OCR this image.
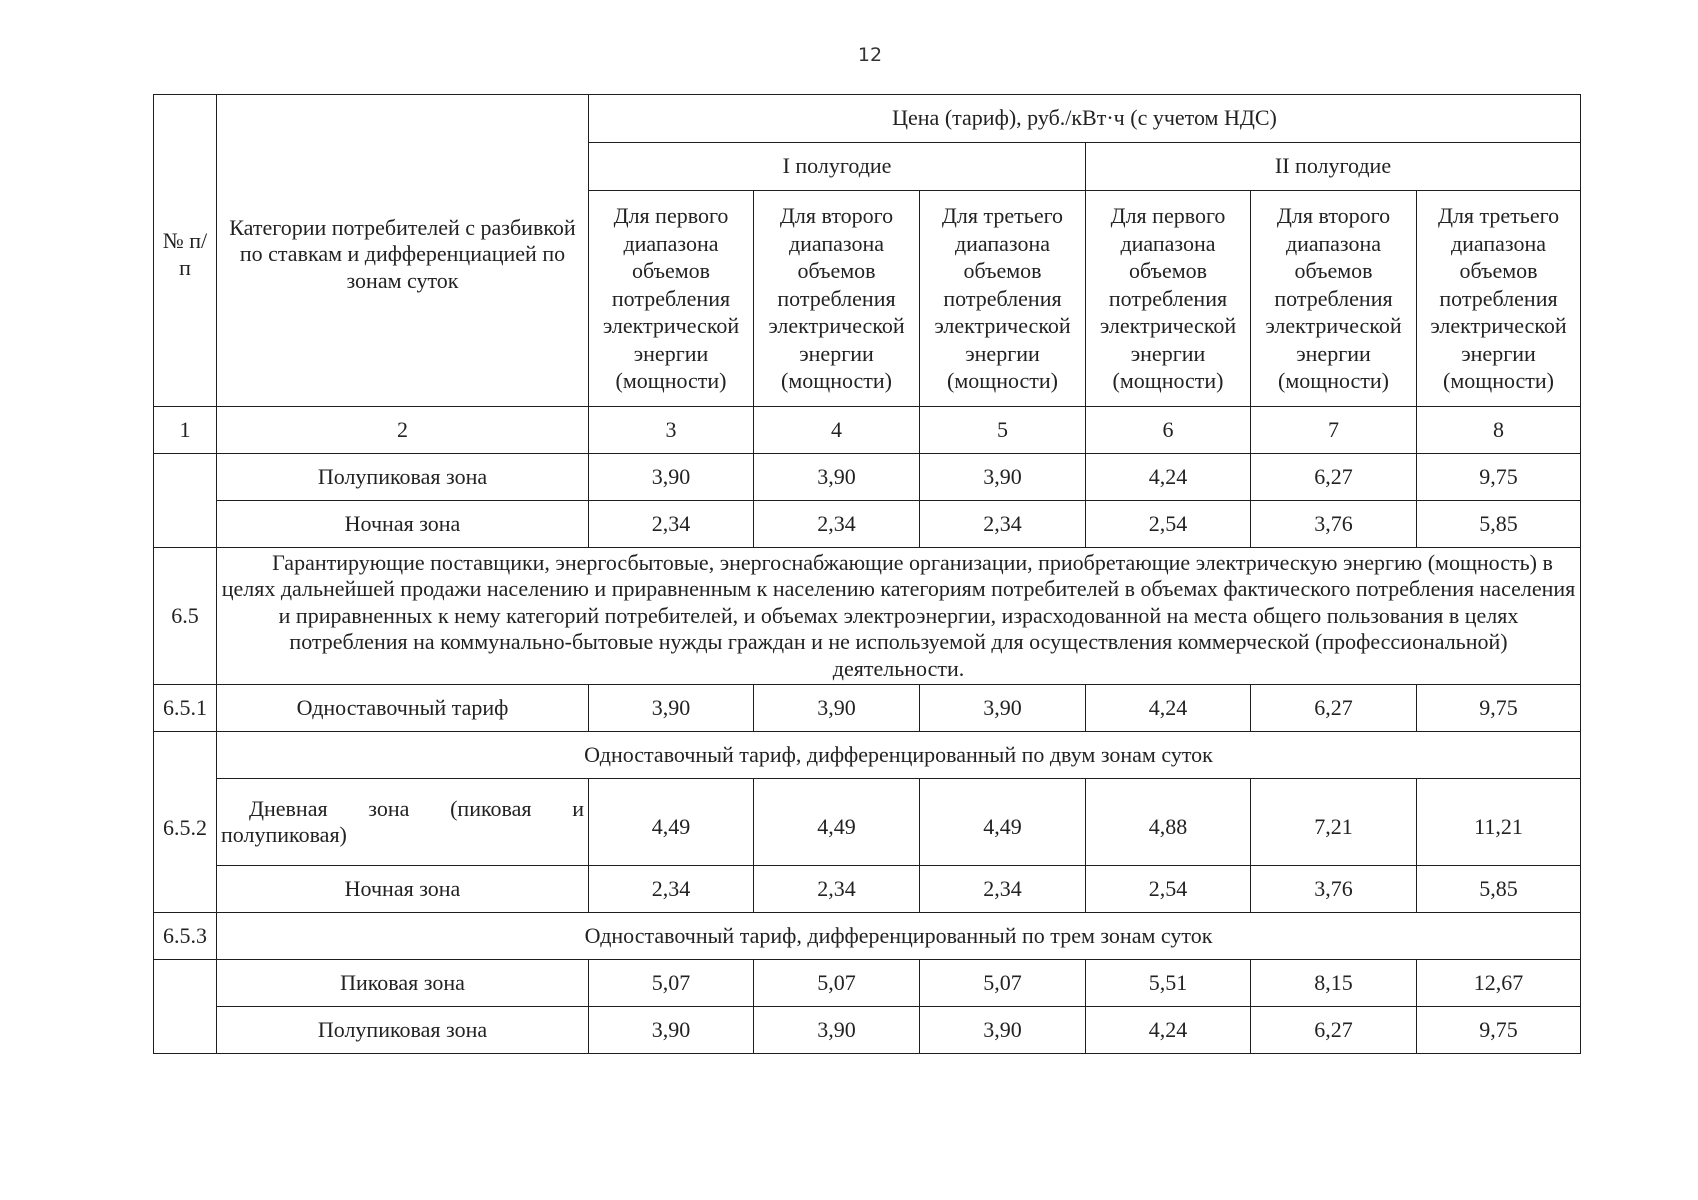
12
№ п/п	Категории потребителей с разбивкой по ставкам и дифференциацией по зонам суток	Цена (тариф), руб./кВт·ч (с учетом НДС)					
		I полугодие			II полугодие		
		Для первого диапазона объемов потребления электрической энергии (мощности)	Для второго диапазона объемов потребления электрической энергии (мощности)	Для третьего диапазона объемов потребления электрической энергии (мощности)	Для первого диапазона объемов потребления электрической энергии (мощности)	Для второго диапазона объемов потребления электрической энергии (мощности)	Для третьего диапазона объемов потребления электрической энергии (мощности)
1	2	3	4	5	6	7	8
	Полупиковая зона	3,90	3,90	3,90	4,24	6,27	9,75
	Ночная зона	2,34	2,34	2,34	2,54	3,76	5,85
6.5	Гарантирующие поставщики, энергосбытовые, энергоснабжающие организации, приобретающие электрическую энергию (мощность) в целях дальнейшей продажи населению и приравненным к населению категориям потребителей в объемах фактического потребления населения и приравненных к нему категорий потребителей, и объемах электроэнергии, израсходованной на места общего пользования в целях потребления на коммунально-бытовые нужды граждан и не используемой для осуществления коммерческой (профессиональной) деятельности.						
6.5.1	Одноставочный тариф	3,90	3,90	3,90	4,24	6,27	9,75
6.5.2	Одноставочный тариф, дифференцированный по двум зонам суток						

	Дневная зона (пиковая и
полупиковая)	4,49	4,49	4,49	4,88	7,21	11,21
	Ночная зона	2,34	2,34	2,34	2,54	3,76	5,85
6.5.3	Одноставочный тариф, дифференцированный по трем зонам суток						
	Пиковая зона	5,07	5,07	5,07	5,51	8,15	12,67
	Полупиковая зона	3,90	3,90	3,90	4,24	6,27	9,75
